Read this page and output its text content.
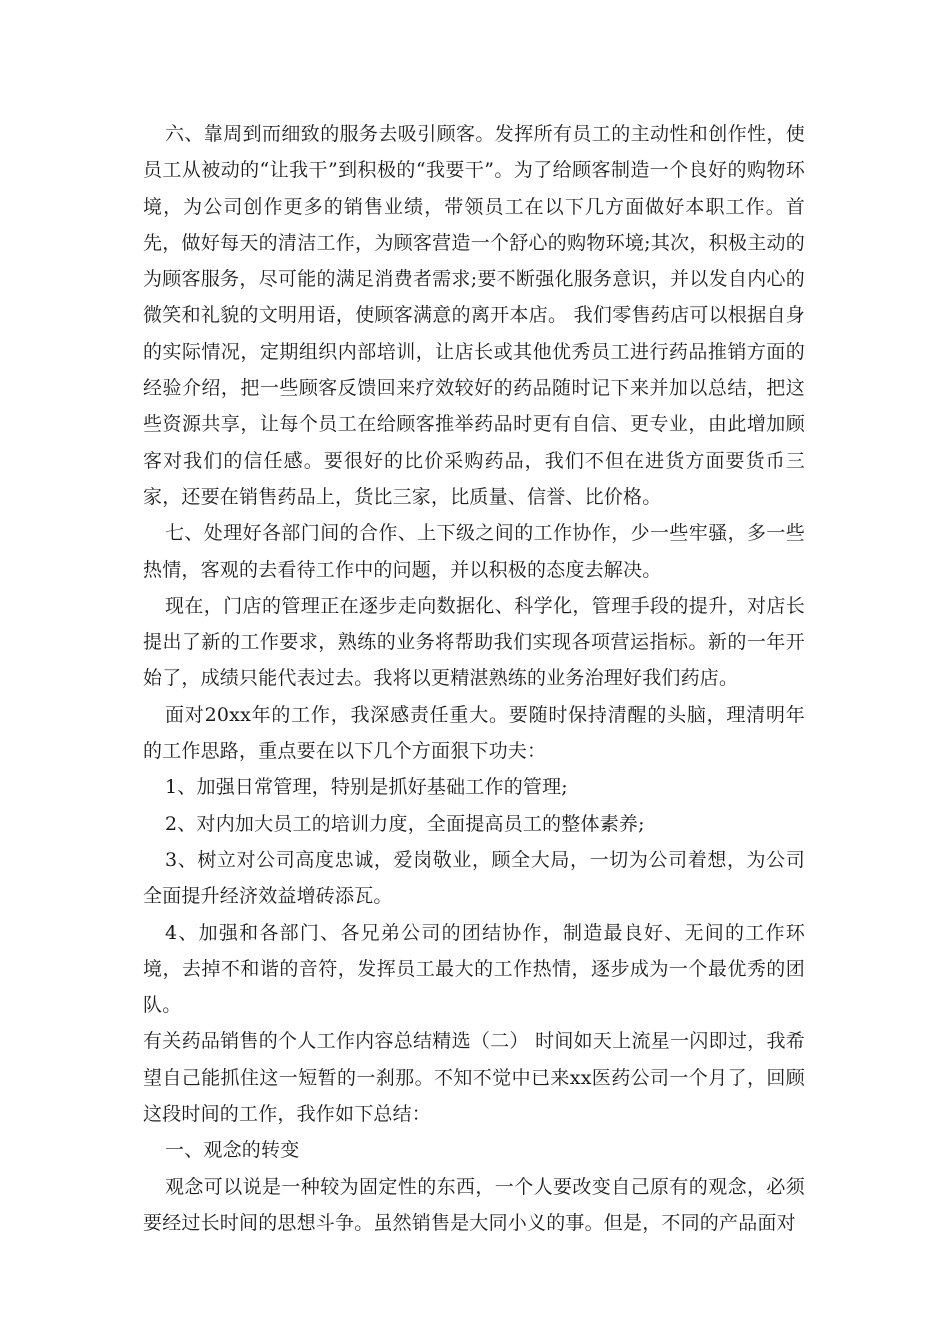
六、靠周到而细致的服务去吸引顾客。发挥所有员工的主动性和创作性，使员工从被动的“让我干”到积极的“我要干”。为了给顾客制造一个良好的购物环境，为公司创作更多的销售业绩，带领员工在以下几方面做好本职工作。首先，做好每天的清洁工作，为顾客营造一个舒心的购物环境;其次，积极主动的为顾客服务，尽可能的满足消费者需求;要不断强化服务意识，并以发自内心的微笑和礼貌的文明用语，使顾客满意的离开本店。 我们零售药店可以根据自身的实际情况，定期组织内部培训，让店长或其他优秀员工进行药品推销方面的经验介绍，把一些顾客反馈回来疗效较好的药品随时记下来并加以总结，把这些资源共享，让每个员工在给顾客推举药品时更有自信、更专业，由此增加顾客对我们的信任感。要很好的比价采购药品，我们不但在进货方面要货币三家，还要在销售药品上，货比三家，比质量、信誉、比价格。

七、处理好各部门间的合作、上下级之间的工作协作，少一些牢骚，多一些热情，客观的去看待工作中的问题，并以积极的态度去解决。

现在，门店的管理正在逐步走向数据化、科学化，管理手段的提升，对店长提出了新的工作要求，熟练的业务将帮助我们实现各项营运指标。新的一年开始了，成绩只能代表过去。我将以更精湛熟练的业务治理好我们药店。

面对20xx年的工作，我深感责任重大。要随时保持清醒的头脑，理清明年的工作思路，重点要在以下几个方面狠下功夫：

1、加强日常管理，特别是抓好基础工作的管理;

2、对内加大员工的培训力度，全面提高员工的整体素养;

3、树立对公司高度忠诚，爱岗敬业，顾全大局，一切为公司着想，为公司全面提升经济效益增砖添瓦。

4、加强和各部门、各兄弟公司的团结协作，制造最良好、无间的工作环境，去掉不和谐的音符，发挥员工最大的工作热情，逐步成为一个最优秀的团队。

有关药品销售的个人工作内容总结精选（二） 时间如天上流星一闪即过，我希望自己能抓住这一短暂的一刹那。不知不觉中已来xx医药公司一个月了，回顾这段时间的工作，我作如下总结：

一、观念的转变

观念可以说是一种较为固定性的东西，一个人要改变自己原有的观念，必须要经过长时间的思想斗争。虽然销售是大同小义的事。但是，不同的产品面对
